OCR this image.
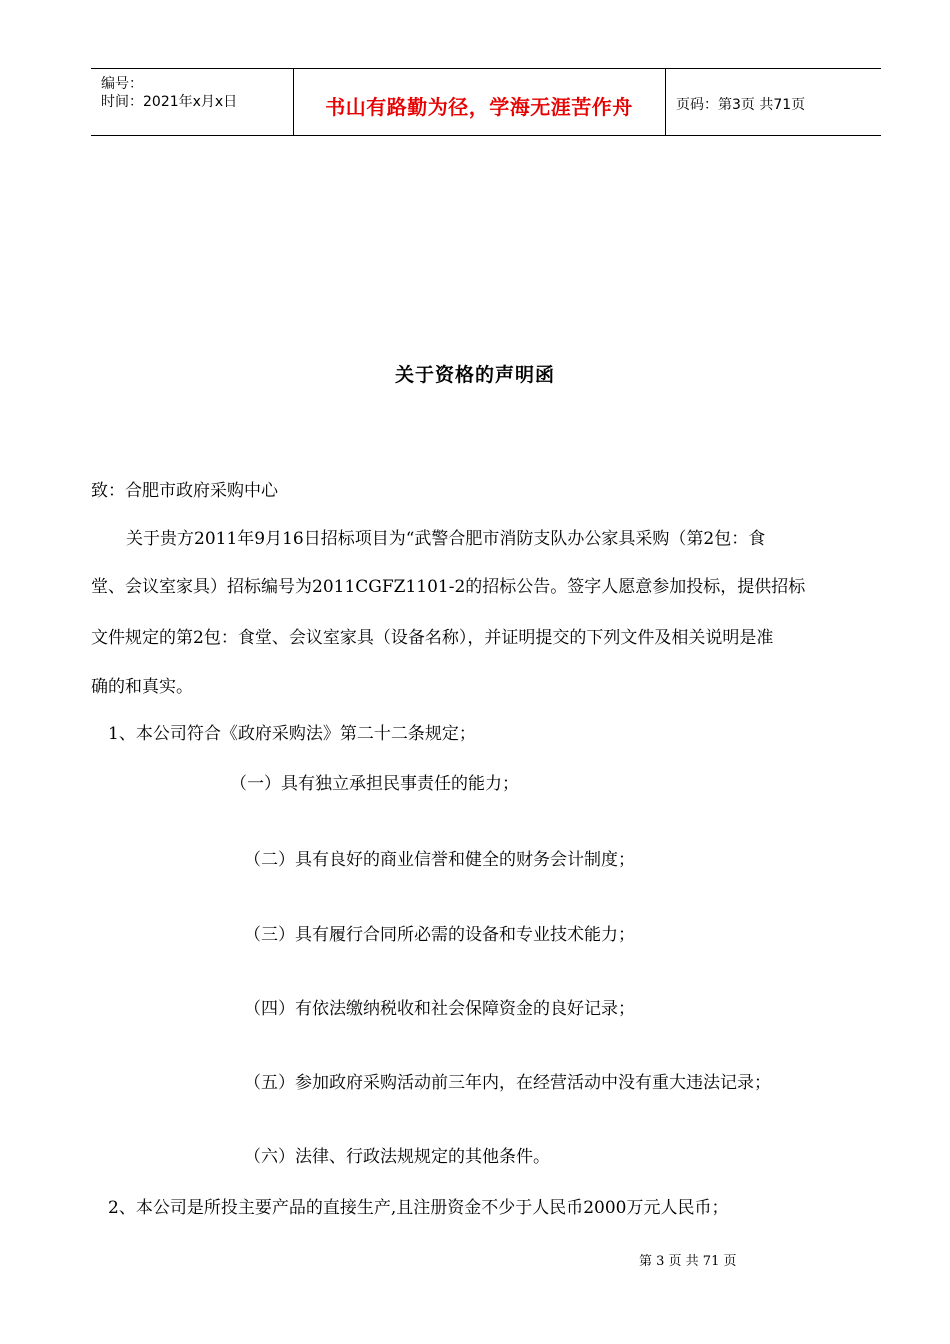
编号：
时间：2021年x月x日	书山有路勤为径，学海无涯苦作舟	页码：第3页 共71页
关于资格的声明函
致：合肥市政府采购中心
关于贵方2011年9月16日招标项目为“武警合肥市消防支队办公家具采购（第2包：食
堂、会议室家具）招标编号为2011CGFZ1101-2的招标公告。签字人愿意参加投标，提供招标
文件规定的第2包：食堂、会议室家具（设备名称），并证明提交的下列文件及相关说明是准
确的和真实。
1、本公司符合《政府采购法》第二十二条规定；
（一）具有独立承担民事责任的能力；
（二）具有良好的商业信誉和健全的财务会计制度；
（三）具有履行合同所必需的设备和专业技术能力；
（四）有依法缴纳税收和社会保障资金的良好记录；
（五）参加政府采购活动前三年内，在经营活动中没有重大违法记录；
（六）法律、行政法规规定的其他条件。
2、本公司是所投主要产品的直接生产,且注册资金不少于人民币2000万元人民币；
第 3 页 共 71 页
